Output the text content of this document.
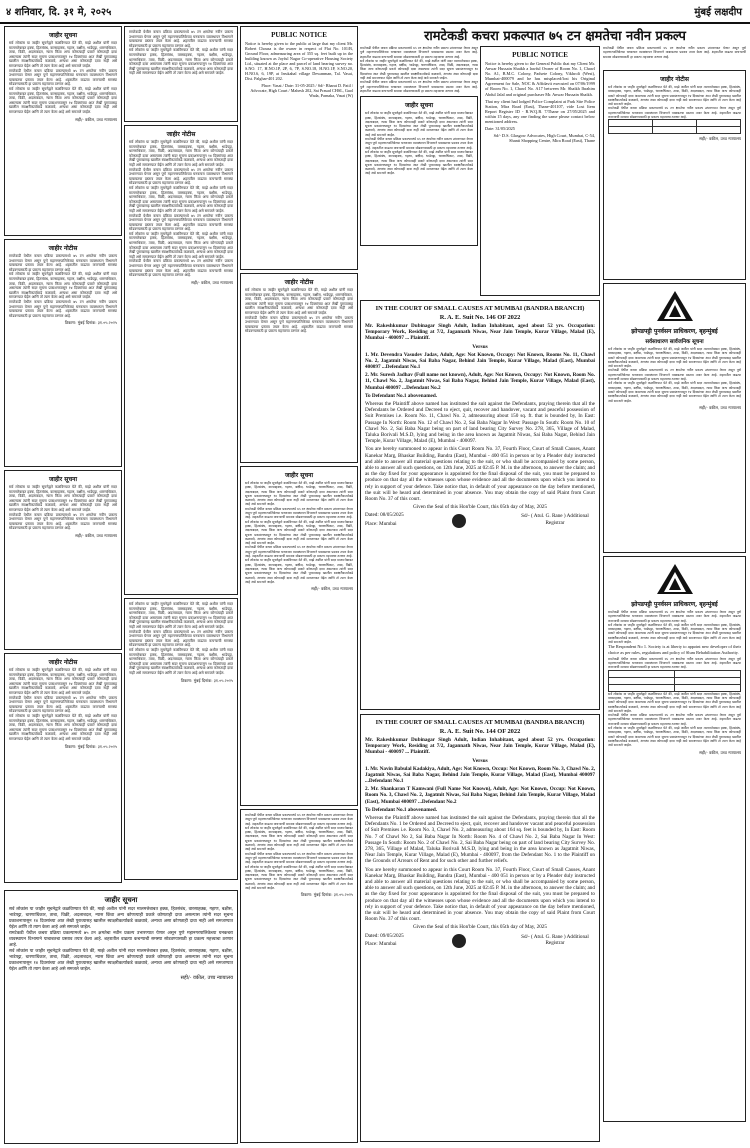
४ शनिवार, दि. ३१ मे, २०२५	मुंबई लक्षदीप
जाहीर सूचना
सर्व लोकांस या जाहीर सूचनेद्वारे कळविण्यात येते की, माझे अशील यांनी सदर मालमत्तेबाबत हक्क, हितसंबंध, वारसाहक्क, गहाण, बक्षीस, भाडेपट्टा, धारणाधिकार, ताबा, विक्री, अदलाबदल, न्यास किंवा अन्य कोणत्याही प्रकारे कोणताही दावा असल्यास त्यांनी सदर सूचना प्रकाशनापासून १४ दिवसांच्या आत लेखी पुराव्यासह खालील स्वाक्षरीकर्त्याकडे कळवावे, अन्यथा असा कोणताही दावा नाही असे समजण्यात येईल आणि तो त्याग केला आहे असे समजले जाईल.
रामटेकडी येथील कचरा प्रक्रिया प्रकल्पामध्ये ७५ टन क्षमतेचा नवीन प्रकल्प उभारण्यात येणार असून पुणे महानगरपालिकेच्या घनकचरा व्यवस्थापन विभागाने याबाबतचा प्रस्ताव तयार केला आहे. शहरातील वाढत्या कचऱ्याची समस्या सोडवण्यासाठी हा प्रकल्प महत्त्वाचा ठरणार आहे.
सर्व लोकांस या जाहीर सूचनेद्वारे कळविण्यात येते की, माझे अशील यांनी सदर मालमत्तेबाबत हक्क, हितसंबंध, वारसाहक्क, गहाण, बक्षीस, भाडेपट्टा, धारणाधिकार, ताबा, विक्री, अदलाबदल, न्यास किंवा अन्य कोणत्याही प्रकारे कोणताही दावा असल्यास त्यांनी सदर सूचना प्रकाशनापासून १४ दिवसांच्या आत लेखी पुराव्यासह खालील स्वाक्षरीकर्त्याकडे कळवावे, अन्यथा असा कोणताही दावा नाही असे समजण्यात येईल आणि तो त्याग केला आहे असे समजले जाईल.
सही/- वकील, उच्च न्यायालय
जाहीर नोटीस
रामटेकडी येथील कचरा प्रक्रिया प्रकल्पामध्ये ७५ टन क्षमतेचा नवीन प्रकल्प उभारण्यात येणार असून पुणे महानगरपालिकेच्या घनकचरा व्यवस्थापन विभागाने याबाबतचा प्रस्ताव तयार केला आहे. शहरातील वाढत्या कचऱ्याची समस्या सोडवण्यासाठी हा प्रकल्प महत्त्वाचा ठरणार आहे.
सर्व लोकांस या जाहीर सूचनेद्वारे कळविण्यात येते की, माझे अशील यांनी सदर मालमत्तेबाबत हक्क, हितसंबंध, वारसाहक्क, गहाण, बक्षीस, भाडेपट्टा, धारणाधिकार, ताबा, विक्री, अदलाबदल, न्यास किंवा अन्य कोणत्याही प्रकारे कोणताही दावा असल्यास त्यांनी सदर सूचना प्रकाशनापासून १४ दिवसांच्या आत लेखी पुराव्यासह खालील स्वाक्षरीकर्त्याकडे कळवावे, अन्यथा असा कोणताही दावा नाही असे समजण्यात येईल आणि तो त्याग केला आहे असे समजले जाईल.
रामटेकडी येथील कचरा प्रक्रिया प्रकल्पामध्ये ७५ टन क्षमतेचा नवीन प्रकल्प उभारण्यात येणार असून पुणे महानगरपालिकेच्या घनकचरा व्यवस्थापन विभागाने याबाबतचा प्रस्ताव तयार केला आहे. शहरातील वाढत्या कचऱ्याची समस्या सोडवण्यासाठी हा प्रकल्प महत्त्वाचा ठरणार आहे.
ठिकाण: मुंबई दिनांक: ३१.०५.२०२५
जाहीर सूचना
सर्व लोकांस या जाहीर सूचनेद्वारे कळविण्यात येते की, माझे अशील यांनी सदर मालमत्तेबाबत हक्क, हितसंबंध, वारसाहक्क, गहाण, बक्षीस, भाडेपट्टा, धारणाधिकार, ताबा, विक्री, अदलाबदल, न्यास किंवा अन्य कोणत्याही प्रकारे कोणताही दावा असल्यास त्यांनी सदर सूचना प्रकाशनापासून १४ दिवसांच्या आत लेखी पुराव्यासह खालील स्वाक्षरीकर्त्याकडे कळवावे, अन्यथा असा कोणताही दावा नाही असे समजण्यात येईल आणि तो त्याग केला आहे असे समजले जाईल.
रामटेकडी येथील कचरा प्रक्रिया प्रकल्पामध्ये ७५ टन क्षमतेचा नवीन प्रकल्प उभारण्यात येणार असून पुणे महानगरपालिकेच्या घनकचरा व्यवस्थापन विभागाने याबाबतचा प्रस्ताव तयार केला आहे. शहरातील वाढत्या कचऱ्याची समस्या सोडवण्यासाठी हा प्रकल्प महत्त्वाचा ठरणार आहे.
सही/- वकील, उच्च न्यायालय
जाहीर नोटीस
सर्व लोकांस या जाहीर सूचनेद्वारे कळविण्यात येते की, माझे अशील यांनी सदर मालमत्तेबाबत हक्क, हितसंबंध, वारसाहक्क, गहाण, बक्षीस, भाडेपट्टा, धारणाधिकार, ताबा, विक्री, अदलाबदल, न्यास किंवा अन्य कोणत्याही प्रकारे कोणताही दावा असल्यास त्यांनी सदर सूचना प्रकाशनापासून १४ दिवसांच्या आत लेखी पुराव्यासह खालील स्वाक्षरीकर्त्याकडे कळवावे, अन्यथा असा कोणताही दावा नाही असे समजण्यात येईल आणि तो त्याग केला आहे असे समजले जाईल.
रामटेकडी येथील कचरा प्रक्रिया प्रकल्पामध्ये ७५ टन क्षमतेचा नवीन प्रकल्प उभारण्यात येणार असून पुणे महानगरपालिकेच्या घनकचरा व्यवस्थापन विभागाने याबाबतचा प्रस्ताव तयार केला आहे. शहरातील वाढत्या कचऱ्याची समस्या सोडवण्यासाठी हा प्रकल्प महत्त्वाचा ठरणार आहे.
सर्व लोकांस या जाहीर सूचनेद्वारे कळविण्यात येते की, माझे अशील यांनी सदर मालमत्तेबाबत हक्क, हितसंबंध, वारसाहक्क, गहाण, बक्षीस, भाडेपट्टा, धारणाधिकार, ताबा, विक्री, अदलाबदल, न्यास किंवा अन्य कोणत्याही प्रकारे कोणताही दावा असल्यास त्यांनी सदर सूचना प्रकाशनापासून १४ दिवसांच्या आत लेखी पुराव्यासह खालील स्वाक्षरीकर्त्याकडे कळवावे, अन्यथा असा कोणताही दावा नाही असे समजण्यात येईल आणि तो त्याग केला आहे असे समजले जाईल.
ठिकाण: मुंबई दिनांक: ३१.०५.२०२५
जाहीर सूचना
सर्व लोकांस या जाहीर सूचनेद्वारे कळविण्यात येते की, माझे अशील यांनी सदर मालमत्तेबाबत हक्क, हितसंबंध, वारसाहक्क, गहाण, बक्षीस, भाडेपट्टा, धारणाधिकार, ताबा, विक्री, अदलाबदल, न्यास किंवा अन्य कोणत्याही प्रकारे कोणताही दावा असल्यास त्यांनी सदर सूचना प्रकाशनापासून १४ दिवसांच्या आत लेखी पुराव्यासह खालील स्वाक्षरीकर्त्याकडे कळवावे, अन्यथा असा कोणताही दावा नाही असे समजण्यात येईल आणि तो त्याग केला आहे असे समजले जाईल.
रामटेकडी येथील कचरा प्रक्रिया प्रकल्पामध्ये ७५ टन क्षमतेचा नवीन प्रकल्प उभारण्यात येणार असून पुणे महानगरपालिकेच्या घनकचरा व्यवस्थापन विभागाने याबाबतचा प्रस्ताव तयार केला आहे. शहरातील वाढत्या कचऱ्याची समस्या सोडवण्यासाठी हा प्रकल्प महत्त्वाचा ठरणार आहे.
सर्व लोकांस या जाहीर सूचनेद्वारे कळविण्यात येते की, माझे अशील यांनी सदर मालमत्तेबाबत हक्क, हितसंबंध, वारसाहक्क, गहाण, बक्षीस, भाडेपट्टा, धारणाधिकार, ताबा, विक्री, अदलाबदल, न्यास किंवा अन्य कोणत्याही प्रकारे कोणताही दावा असल्यास त्यांनी सदर सूचना प्रकाशनापासून १४ दिवसांच्या आत लेखी पुराव्यासह खालील स्वाक्षरीकर्त्याकडे कळवावे, अन्यथा असा कोणताही दावा नाही असे समजण्यात येईल आणि तो त्याग केला आहे असे समजले जाईल.
सही/- वकील, उच्च न्यायालय
रामटेकडी येथील कचरा प्रक्रिया प्रकल्पामध्ये ७५ टन क्षमतेचा नवीन प्रकल्प उभारण्यात येणार असून पुणे महानगरपालिकेच्या घनकचरा व्यवस्थापन विभागाने याबाबतचा प्रस्ताव तयार केला आहे. शहरातील वाढत्या कचऱ्याची समस्या सोडवण्यासाठी हा प्रकल्प महत्त्वाचा ठरणार आहे.
सर्व लोकांस या जाहीर सूचनेद्वारे कळविण्यात येते की, माझे अशील यांनी सदर मालमत्तेबाबत हक्क, हितसंबंध, वारसाहक्क, गहाण, बक्षीस, भाडेपट्टा, धारणाधिकार, ताबा, विक्री, अदलाबदल, न्यास किंवा अन्य कोणत्याही प्रकारे कोणताही दावा असल्यास त्यांनी सदर सूचना प्रकाशनापासून १४ दिवसांच्या आत लेखी पुराव्यासह खालील स्वाक्षरीकर्त्याकडे कळवावे, अन्यथा असा कोणताही दावा नाही असे समजण्यात येईल आणि तो त्याग केला आहे असे समजले जाईल.
जाहीर नोटीस
सर्व लोकांस या जाहीर सूचनेद्वारे कळविण्यात येते की, माझे अशील यांनी सदर मालमत्तेबाबत हक्क, हितसंबंध, वारसाहक्क, गहाण, बक्षीस, भाडेपट्टा, धारणाधिकार, ताबा, विक्री, अदलाबदल, न्यास किंवा अन्य कोणत्याही प्रकारे कोणताही दावा असल्यास त्यांनी सदर सूचना प्रकाशनापासून १४ दिवसांच्या आत लेखी पुराव्यासह खालील स्वाक्षरीकर्त्याकडे कळवावे, अन्यथा असा कोणताही दावा नाही असे समजण्यात येईल आणि तो त्याग केला आहे असे समजले जाईल.
रामटेकडी येथील कचरा प्रक्रिया प्रकल्पामध्ये ७५ टन क्षमतेचा नवीन प्रकल्प उभारण्यात येणार असून पुणे महानगरपालिकेच्या घनकचरा व्यवस्थापन विभागाने याबाबतचा प्रस्ताव तयार केला आहे. शहरातील वाढत्या कचऱ्याची समस्या सोडवण्यासाठी हा प्रकल्प महत्त्वाचा ठरणार आहे.
सर्व लोकांस या जाहीर सूचनेद्वारे कळविण्यात येते की, माझे अशील यांनी सदर मालमत्तेबाबत हक्क, हितसंबंध, वारसाहक्क, गहाण, बक्षीस, भाडेपट्टा, धारणाधिकार, ताबा, विक्री, अदलाबदल, न्यास किंवा अन्य कोणत्याही प्रकारे कोणताही दावा असल्यास त्यांनी सदर सूचना प्रकाशनापासून १४ दिवसांच्या आत लेखी पुराव्यासह खालील स्वाक्षरीकर्त्याकडे कळवावे, अन्यथा असा कोणताही दावा नाही असे समजण्यात येईल आणि तो त्याग केला आहे असे समजले जाईल.
रामटेकडी येथील कचरा प्रक्रिया प्रकल्पामध्ये ७५ टन क्षमतेचा नवीन प्रकल्प उभारण्यात येणार असून पुणे महानगरपालिकेच्या घनकचरा व्यवस्थापन विभागाने याबाबतचा प्रस्ताव तयार केला आहे. शहरातील वाढत्या कचऱ्याची समस्या सोडवण्यासाठी हा प्रकल्प महत्त्वाचा ठरणार आहे.
सर्व लोकांस या जाहीर सूचनेद्वारे कळविण्यात येते की, माझे अशील यांनी सदर मालमत्तेबाबत हक्क, हितसंबंध, वारसाहक्क, गहाण, बक्षीस, भाडेपट्टा, धारणाधिकार, ताबा, विक्री, अदलाबदल, न्यास किंवा अन्य कोणत्याही प्रकारे कोणताही दावा असल्यास त्यांनी सदर सूचना प्रकाशनापासून १४ दिवसांच्या आत लेखी पुराव्यासह खालील स्वाक्षरीकर्त्याकडे कळवावे, अन्यथा असा कोणताही दावा नाही असे समजण्यात येईल आणि तो त्याग केला आहे असे समजले जाईल.
रामटेकडी येथील कचरा प्रक्रिया प्रकल्पामध्ये ७५ टन क्षमतेचा नवीन प्रकल्प उभारण्यात येणार असून पुणे महानगरपालिकेच्या घनकचरा व्यवस्थापन विभागाने याबाबतचा प्रस्ताव तयार केला आहे. शहरातील वाढत्या कचऱ्याची समस्या सोडवण्यासाठी हा प्रकल्प महत्त्वाचा ठरणार आहे.
सही/- वकील, उच्च न्यायालय
सर्व लोकांस या जाहीर सूचनेद्वारे कळविण्यात येते की, माझे अशील यांनी सदर मालमत्तेबाबत हक्क, हितसंबंध, वारसाहक्क, गहाण, बक्षीस, भाडेपट्टा, धारणाधिकार, ताबा, विक्री, अदलाबदल, न्यास किंवा अन्य कोणत्याही प्रकारे कोणताही दावा असल्यास त्यांनी सदर सूचना प्रकाशनापासून १४ दिवसांच्या आत लेखी पुराव्यासह खालील स्वाक्षरीकर्त्याकडे कळवावे, अन्यथा असा कोणताही दावा नाही असे समजण्यात येईल आणि तो त्याग केला आहे असे समजले जाईल.
रामटेकडी येथील कचरा प्रक्रिया प्रकल्पामध्ये ७५ टन क्षमतेचा नवीन प्रकल्प उभारण्यात येणार असून पुणे महानगरपालिकेच्या घनकचरा व्यवस्थापन विभागाने याबाबतचा प्रस्ताव तयार केला आहे. शहरातील वाढत्या कचऱ्याची समस्या सोडवण्यासाठी हा प्रकल्प महत्त्वाचा ठरणार आहे.
सर्व लोकांस या जाहीर सूचनेद्वारे कळविण्यात येते की, माझे अशील यांनी सदर मालमत्तेबाबत हक्क, हितसंबंध, वारसाहक्क, गहाण, बक्षीस, भाडेपट्टा, धारणाधिकार, ताबा, विक्री, अदलाबदल, न्यास किंवा अन्य कोणत्याही प्रकारे कोणताही दावा असल्यास त्यांनी सदर सूचना प्रकाशनापासून १४ दिवसांच्या आत लेखी पुराव्यासह खालील स्वाक्षरीकर्त्याकडे कळवावे, अन्यथा असा कोणताही दावा नाही असे समजण्यात येईल आणि तो त्याग केला आहे असे समजले जाईल.
ठिकाण: मुंबई दिनांक: ३१.०५.२०२५
PUBLIC NOTICE
Notice is hereby given to the public at large that my client Mr. Robert Chousa is the owner in respect of Flat No. 101/B, Ground Floor, admeasuring area of 355 sq. feet built up in the building known as Joyful Nagar Co-operative Housing Society Ltd., situated at the place and parcel of land bearing survey no. S.NO. 17, H.NO.1P, 2P, 6, 7P, S.NO.18, H.NO.1P, S.NO.20, H.NO.6, 6, 19P, at Irrukahal village Dewanman, Tal. Vasai, Dist. Palghar-401 202.
Place: Vasai / Date: 31-05-2025 / Sd/- Bharat D. Patil / Advocate, High Court / Mahesh 202, Sai Prasad CHSL, Gaol Wada, Parnaka, Vasai (W)
जाहीर नोटीस
सर्व लोकांस या जाहीर सूचनेद्वारे कळविण्यात येते की, माझे अशील यांनी सदर मालमत्तेबाबत हक्क, हितसंबंध, वारसाहक्क, गहाण, बक्षीस, भाडेपट्टा, धारणाधिकार, ताबा, विक्री, अदलाबदल, न्यास किंवा अन्य कोणत्याही प्रकारे कोणताही दावा असल्यास त्यांनी सदर सूचना प्रकाशनापासून १४ दिवसांच्या आत लेखी पुराव्यासह खालील स्वाक्षरीकर्त्याकडे कळवावे, अन्यथा असा कोणताही दावा नाही असे समजण्यात येईल आणि तो त्याग केला आहे असे समजले जाईल.
रामटेकडी येथील कचरा प्रक्रिया प्रकल्पामध्ये ७५ टन क्षमतेचा नवीन प्रकल्प उभारण्यात येणार असून पुणे महानगरपालिकेच्या घनकचरा व्यवस्थापन विभागाने याबाबतचा प्रस्ताव तयार केला आहे. शहरातील वाढत्या कचऱ्याची समस्या सोडवण्यासाठी हा प्रकल्प महत्त्वाचा ठरणार आहे.
जाहीर सूचना
सर्व लोकांस या जाहीर सूचनेद्वारे कळविण्यात येते की, माझे अशील यांनी सदर मालमत्तेबाबत हक्क, हितसंबंध, वारसाहक्क, गहाण, बक्षीस, भाडेपट्टा, धारणाधिकार, ताबा, विक्री, अदलाबदल, न्यास किंवा अन्य कोणत्याही प्रकारे कोणताही दावा असल्यास त्यांनी सदर सूचना प्रकाशनापासून १४ दिवसांच्या आत लेखी पुराव्यासह खालील स्वाक्षरीकर्त्याकडे कळवावे, अन्यथा असा कोणताही दावा नाही असे समजण्यात येईल आणि तो त्याग केला आहे असे समजले जाईल.
रामटेकडी येथील कचरा प्रक्रिया प्रकल्पामध्ये ७५ टन क्षमतेचा नवीन प्रकल्प उभारण्यात येणार असून पुणे महानगरपालिकेच्या घनकचरा व्यवस्थापन विभागाने याबाबतचा प्रस्ताव तयार केला आहे. शहरातील वाढत्या कचऱ्याची समस्या सोडवण्यासाठी हा प्रकल्प महत्त्वाचा ठरणार आहे.
सर्व लोकांस या जाहीर सूचनेद्वारे कळविण्यात येते की, माझे अशील यांनी सदर मालमत्तेबाबत हक्क, हितसंबंध, वारसाहक्क, गहाण, बक्षीस, भाडेपट्टा, धारणाधिकार, ताबा, विक्री, अदलाबदल, न्यास किंवा अन्य कोणत्याही प्रकारे कोणताही दावा असल्यास त्यांनी सदर सूचना प्रकाशनापासून १४ दिवसांच्या आत लेखी पुराव्यासह खालील स्वाक्षरीकर्त्याकडे कळवावे, अन्यथा असा कोणताही दावा नाही असे समजण्यात येईल आणि तो त्याग केला आहे असे समजले जाईल.
रामटेकडी येथील कचरा प्रक्रिया प्रकल्पामध्ये ७५ टन क्षमतेचा नवीन प्रकल्प उभारण्यात येणार असून पुणे महानगरपालिकेच्या घनकचरा व्यवस्थापन विभागाने याबाबतचा प्रस्ताव तयार केला आहे. शहरातील वाढत्या कचऱ्याची समस्या सोडवण्यासाठी हा प्रकल्प महत्त्वाचा ठरणार आहे.
सर्व लोकांस या जाहीर सूचनेद्वारे कळविण्यात येते की, माझे अशील यांनी सदर मालमत्तेबाबत हक्क, हितसंबंध, वारसाहक्क, गहाण, बक्षीस, भाडेपट्टा, धारणाधिकार, ताबा, विक्री, अदलाबदल, न्यास किंवा अन्य कोणत्याही प्रकारे कोणताही दावा असल्यास त्यांनी सदर सूचना प्रकाशनापासून १४ दिवसांच्या आत लेखी पुराव्यासह खालील स्वाक्षरीकर्त्याकडे कळवावे, अन्यथा असा कोणताही दावा नाही असे समजण्यात येईल आणि तो त्याग केला आहे असे समजले जाईल.
सही/- वकील, उच्च न्यायालय
रामटेकडी येथील कचरा प्रक्रिया प्रकल्पामध्ये ७५ टन क्षमतेचा नवीन प्रकल्प उभारण्यात येणार असून पुणे महानगरपालिकेच्या घनकचरा व्यवस्थापन विभागाने याबाबतचा प्रस्ताव तयार केला आहे. शहरातील वाढत्या कचऱ्याची समस्या सोडवण्यासाठी हा प्रकल्प महत्त्वाचा ठरणार आहे.
सर्व लोकांस या जाहीर सूचनेद्वारे कळविण्यात येते की, माझे अशील यांनी सदर मालमत्तेबाबत हक्क, हितसंबंध, वारसाहक्क, गहाण, बक्षीस, भाडेपट्टा, धारणाधिकार, ताबा, विक्री, अदलाबदल, न्यास किंवा अन्य कोणत्याही प्रकारे कोणताही दावा असल्यास त्यांनी सदर सूचना प्रकाशनापासून १४ दिवसांच्या आत लेखी पुराव्यासह खालील स्वाक्षरीकर्त्याकडे कळवावे, अन्यथा असा कोणताही दावा नाही असे समजण्यात येईल आणि तो त्याग केला आहे असे समजले जाईल.
रामटेकडी येथील कचरा प्रक्रिया प्रकल्पामध्ये ७५ टन क्षमतेचा नवीन प्रकल्प उभारण्यात येणार असून पुणे महानगरपालिकेच्या घनकचरा व्यवस्थापन विभागाने याबाबतचा प्रस्ताव तयार केला आहे. शहरातील वाढत्या कचऱ्याची समस्या सोडवण्यासाठी हा प्रकल्प महत्त्वाचा ठरणार आहे.
सर्व लोकांस या जाहीर सूचनेद्वारे कळविण्यात येते की, माझे अशील यांनी सदर मालमत्तेबाबत हक्क, हितसंबंध, वारसाहक्क, गहाण, बक्षीस, भाडेपट्टा, धारणाधिकार, ताबा, विक्री, अदलाबदल, न्यास किंवा अन्य कोणत्याही प्रकारे कोणताही दावा असल्यास त्यांनी सदर सूचना प्रकाशनापासून १४ दिवसांच्या आत लेखी पुराव्यासह खालील स्वाक्षरीकर्त्याकडे कळवावे, अन्यथा असा कोणताही दावा नाही असे समजण्यात येईल आणि तो त्याग केला आहे असे समजले जाईल.
ठिकाण: मुंबई दिनांक: ३१.०५.२०२५
रामटेकडी कचरा प्रकल्पात ७५ टन क्षमतेचा नवीन प्रकल्प
रामटेकडी येथील कचरा प्रक्रिया प्रकल्पामध्ये ७५ टन क्षमतेचा नवीन प्रकल्प उभारण्यात येणार असून पुणे महानगरपालिकेच्या घनकचरा व्यवस्थापन विभागाने याबाबतचा प्रस्ताव तयार केला आहे. शहरातील वाढत्या कचऱ्याची समस्या सोडवण्यासाठी हा प्रकल्प महत्त्वाचा ठरणार आहे.
सर्व लोकांस या जाहीर सूचनेद्वारे कळविण्यात येते की, माझे अशील यांनी सदर मालमत्तेबाबत हक्क, हितसंबंध, वारसाहक्क, गहाण, बक्षीस, भाडेपट्टा, धारणाधिकार, ताबा, विक्री, अदलाबदल, न्यास किंवा अन्य कोणत्याही प्रकारे कोणताही दावा असल्यास त्यांनी सदर सूचना प्रकाशनापासून १४ दिवसांच्या आत लेखी पुराव्यासह खालील स्वाक्षरीकर्त्याकडे कळवावे, अन्यथा असा कोणताही दावा नाही असे समजण्यात येईल आणि तो त्याग केला आहे असे समजले जाईल.
रामटेकडी येथील कचरा प्रक्रिया प्रकल्पामध्ये ७५ टन क्षमतेचा नवीन प्रकल्प उभारण्यात येणार असून पुणे महानगरपालिकेच्या घनकचरा व्यवस्थापन विभागाने याबाबतचा प्रस्ताव तयार केला आहे. शहरातील वाढत्या कचऱ्याची समस्या सोडवण्यासाठी हा प्रकल्प महत्त्वाचा ठरणार आहे.
जाहीर सूचना
सर्व लोकांस या जाहीर सूचनेद्वारे कळविण्यात येते की, माझे अशील यांनी सदर मालमत्तेबाबत हक्क, हितसंबंध, वारसाहक्क, गहाण, बक्षीस, भाडेपट्टा, धारणाधिकार, ताबा, विक्री, अदलाबदल, न्यास किंवा अन्य कोणत्याही प्रकारे कोणताही दावा असल्यास त्यांनी सदर सूचना प्रकाशनापासून १४ दिवसांच्या आत लेखी पुराव्यासह खालील स्वाक्षरीकर्त्याकडे कळवावे, अन्यथा असा कोणताही दावा नाही असे समजण्यात येईल आणि तो त्याग केला आहे असे समजले जाईल.
रामटेकडी येथील कचरा प्रक्रिया प्रकल्पामध्ये ७५ टन क्षमतेचा नवीन प्रकल्प उभारण्यात येणार असून पुणे महानगरपालिकेच्या घनकचरा व्यवस्थापन विभागाने याबाबतचा प्रस्ताव तयार केला आहे. शहरातील वाढत्या कचऱ्याची समस्या सोडवण्यासाठी हा प्रकल्प महत्त्वाचा ठरणार आहे.
सर्व लोकांस या जाहीर सूचनेद्वारे कळविण्यात येते की, माझे अशील यांनी सदर मालमत्तेबाबत हक्क, हितसंबंध, वारसाहक्क, गहाण, बक्षीस, भाडेपट्टा, धारणाधिकार, ताबा, विक्री, अदलाबदल, न्यास किंवा अन्य कोणत्याही प्रकारे कोणताही दावा असल्यास त्यांनी सदर सूचना प्रकाशनापासून १४ दिवसांच्या आत लेखी पुराव्यासह खालील स्वाक्षरीकर्त्याकडे कळवावे, अन्यथा असा कोणताही दावा नाही असे समजण्यात येईल आणि तो त्याग केला आहे असे समजले जाईल.
PUBLIC NOTICE
Notice is hereby given to the General Public that my Client Mr. Anwar Hussain Shaikh a lawful Owner of Room No. 1, Chawl No. A1, B.M.C. Colony, Padsete Colony, Vikhroli (West), Mumbai-400079 and he has misplaced/lost his Original Agreement for Sale, NOC & Affidavit executed on 07/06/1999 of Room No. 1, Chawl No. A17 between Mr. Shaikh Ibrahim Abdul Jalal and original purchaser Mr. Anwar Hussain Shaikh.
That my client had lodged Police Complaint at Park Site Police Station, Mira Road (East), Thane-401107, vide Lost Item Report Register ID - R.W.Q.B. 7/Thane on 27/05/2025 and within 15 days, any one finding the same please contact below mentioned address.
Date: 31/05/2025
Sd/- D.S. Glasgow Advocates, High Court, Mumbai, C-54, Shanti Shopping Centre, Mira Road (East), Thane
IN THE COURT OF SMALL CAUSES AT MUMBAI (BANDRA BRANCH)
R. A. E. Suit No. 146 OF 2022
Mr. Rakeshkumar Dubinagar Singh Adult, Indian Inhabitant, aged about 52 yrs. Occupation: Temporary Work, Residing at 7/2, Jagannath Niwas, Near Jain Temple, Kurar Village, Malad (E), Mumbai - 400097 ... Plaintiff.
Versus
1. Mr. Devendra Vasudev Jadav, Adult, Age: Not Known, Occupy: Not Known, Rooms No. 11, Chawl No. 2, Jagatmit Niwas, Sai Baba Nagar, Behind Jain Temple, Kurar Village, Malad (East), Mumbai 400097 ...Defendant No.1
2. Mr. Suresh Jadhav (Full name not known), Adult, Age: Not Known, Occupy: Not Known, Room No. 11, Chawl No. 2, Jagatmit Niwas, Sai Baba Nagar, Behind Jain Temple, Kurar Village, Malad (East), Mumbai 400097 ...Defendant No.2
To Defendant No.1 abovenamed.
Whereas the Plaintiff above named has instituted the suit against the Defendants, praying therein that all the Defendants be Ordered and Decreed to eject, quit, recover and handover, vacant and peaceful possession of Suit Premises i.e. Room No. 11, Chawl No. 2, admeasuring about 150 sq. ft. that is bounded by, In East: Passage In North: Room No. 12 of Chawl No. 2, Sai Baba Nagar In West: Passage In South: Room No. 10 of Chawl No. 2, Sai Baba Nagar being on part of land bearing City Survey No. 278, 365, Village of Malad, Taluka Borivali M.S.D, lying and being in the area known as Jagatmit Niwas, Sai Baba Nagar, Behind Jain Temple, Kurar Village, Malad (E), Mumbai - 400097.
You are hereby summoned to appear in this Court Room No. 37, Fourth Floor, Court of Small Causes, Anant Kanekar Marg, Bhaskar Building, Bandra (East), Mumbai - 400 051 in person or by a Pleader duly instructed and able to answer all material questions relating to the suit, or who shall be accompanied by some person, able to answer all such questions, on 12th June, 2025 at 02:45 P. M. in the afternoon, to answer the claim; and as the day fixed for your appearance is appointed for the final disposal of the suit, you must be prepared to produce on that day all the witnesses upon whose evidence and all the documents upon which you intend to rely in support of your defence. Take notice that, in default of your appearance on the day before mentioned, the suit will be heard and determined in your absence. You may obtain the copy of said Plaint from Court Room No. 37 of this court.
Given the Seal of this Hon'ble Court, this 05th day of May, 2025
Dated: 08/05/2025
Place: Mumbai
Sd/- ( Atul. G. Rane ) Additional Registrar
IN THE COURT OF SMALL CAUSES AT MUMBAI (BANDRA BRANCH)
R. A. E. Suit No. 144 OF 2022
Mr. Rakeshkumar Dubinagar Singh Adult, Indian Inhabitant, aged about 52 yrs. Occupation: Temporary Work, Residing at 7/2, Jagannath Niwas, Near Jain Temple, Kurar Village, Malad (E), Mumbai - 400097 ... Plaintiff.
Versus
1. Mr. Navin Babulal Kadakiya, Adult, Age: Not Known, Occup: Not Known, Room No. 3, Chawl No. 2, Jagatmit Niwas, Sai Baba Nagar, Behind Jain Temple, Kurar Village, Malad (East), Mumbai 400097 ...Defendant No.1
2. Mr. Shankaran T Kamwani (Full Name Not Known), Adult, Age: Not Known, Occup: Not Known, Room No. 3, Chawl No. 2, Jagatmit Niwas, Sai Baba Nagar, Behind Jain Temple, Kurar Village, Malad (East), Mumbai 400097 ...Defendant No.2
To Defendant No.1 abovenamed.
Whereas the Plaintiff above named has instituted the suit against the Defendants, praying therein that all the Defendants No. 1 be Ordered and Decreed to eject, quit, recover and handover vacant and peaceful possession of Suit Premises i.e. Room No. 3, Chawl No. 2, admeasuring about 164 sq. feet is bounded by, In East: Room No. 7 of Chawl No 2, Sai Baba Nagar In North: Room No. 4 of Chawl No. 2, Sai Baba Nagar In West: Passage In South: Room No. 2 of Chawl No. 2, Sai Baba Nagar being on part of land bearing City Survey No. 278, 365, Village of Malad, Taluka Borivali M.S.D, lying and being in the area known as Jagatmit Niwas, Near Jain Temple, Kurar Village, Malad (E), Mumbai - 400097, from the Defendant No. 1 to the Plaintiff on the Grounds of Arrears of Rent and for such other and further reliefs.
You are hereby summoned to appear in this Court Room No. 37, Fourth Floor, Court of Small Causes, Anant Kanekar Marg, Bhaskar Building, Bandra (East), Mumbai - 400 051 in person or by a Pleader duly instructed and able to answer all material questions relating to the suit, or who shall be accompanied by some person, able to answer all such questions, on 12th June, 2025 at 02:45 P. M. in the afternoon, to answer the claim; and as the day fixed for your appearance is appointed for the final disposal of the suit, you must be prepared to produce on that day all the witnesses upon whose evidence and all the documents upon which you intend to rely in support of your defence. Take notice that, in default of your appearance on the day before mentioned, the suit will be heard and determined in your absence. You may obtain the copy of said Plaint from Court Room No. 37 of this court.
Given the Seal of this Hon'ble Court, this 05th day of May, 2025
Dated: 09/05/2025
Place: Mumbai
Sd/- ( Atul. G. Rane ) Additional Registrar
रामटेकडी येथील कचरा प्रक्रिया प्रकल्पामध्ये ७५ टन क्षमतेचा नवीन प्रकल्प उभारण्यात येणार असून पुणे महानगरपालिकेच्या घनकचरा व्यवस्थापन विभागाने याबाबतचा प्रस्ताव तयार केला आहे. शहरातील वाढत्या कचऱ्याची समस्या सोडवण्यासाठी हा प्रकल्प महत्त्वाचा ठरणार आहे.
जाहीर नोटीस
सर्व लोकांस या जाहीर सूचनेद्वारे कळविण्यात येते की, माझे अशील यांनी सदर मालमत्तेबाबत हक्क, हितसंबंध, वारसाहक्क, गहाण, बक्षीस, भाडेपट्टा, धारणाधिकार, ताबा, विक्री, अदलाबदल, न्यास किंवा अन्य कोणत्याही प्रकारे कोणताही दावा असल्यास त्यांनी सदर सूचना प्रकाशनापासून १४ दिवसांच्या आत लेखी पुराव्यासह खालील स्वाक्षरीकर्त्याकडे कळवावे, अन्यथा असा कोणताही दावा नाही असे समजण्यात येईल आणि तो त्याग केला आहे असे समजले जाईल.
रामटेकडी येथील कचरा प्रक्रिया प्रकल्पामध्ये ७५ टन क्षमतेचा नवीन प्रकल्प उभारण्यात येणार असून पुणे महानगरपालिकेच्या घनकचरा व्यवस्थापन विभागाने याबाबतचा प्रस्ताव तयार केला आहे. शहरातील वाढत्या कचऱ्याची समस्या सोडवण्यासाठी हा प्रकल्प महत्त्वाचा ठरणार आहे.

सही/- वकील, उच्च न्यायालय
झोपडपट्टी पुनर्वसन प्राधिकरण, बृहन्मुंबई
सर्वसाधारण सार्वजनिक सूचना
सर्व लोकांस या जाहीर सूचनेद्वारे कळविण्यात येते की, माझे अशील यांनी सदर मालमत्तेबाबत हक्क, हितसंबंध, वारसाहक्क, गहाण, बक्षीस, भाडेपट्टा, धारणाधिकार, ताबा, विक्री, अदलाबदल, न्यास किंवा अन्य कोणत्याही प्रकारे कोणताही दावा असल्यास त्यांनी सदर सूचना प्रकाशनापासून १४ दिवसांच्या आत लेखी पुराव्यासह खालील स्वाक्षरीकर्त्याकडे कळवावे, अन्यथा असा कोणताही दावा नाही असे समजण्यात येईल आणि तो त्याग केला आहे असे समजले जाईल.
रामटेकडी येथील कचरा प्रक्रिया प्रकल्पामध्ये ७५ टन क्षमतेचा नवीन प्रकल्प उभारण्यात येणार असून पुणे महानगरपालिकेच्या घनकचरा व्यवस्थापन विभागाने याबाबतचा प्रस्ताव तयार केला आहे. शहरातील वाढत्या कचऱ्याची समस्या सोडवण्यासाठी हा प्रकल्प महत्त्वाचा ठरणार आहे.
सर्व लोकांस या जाहीर सूचनेद्वारे कळविण्यात येते की, माझे अशील यांनी सदर मालमत्तेबाबत हक्क, हितसंबंध, वारसाहक्क, गहाण, बक्षीस, भाडेपट्टा, धारणाधिकार, ताबा, विक्री, अदलाबदल, न्यास किंवा अन्य कोणत्याही प्रकारे कोणताही दावा असल्यास त्यांनी सदर सूचना प्रकाशनापासून १४ दिवसांच्या आत लेखी पुराव्यासह खालील स्वाक्षरीकर्त्याकडे कळवावे, अन्यथा असा कोणताही दावा नाही असे समजण्यात येईल आणि तो त्याग केला आहे असे समजले जाईल.
सही/- वकील, उच्च न्यायालय
झोपडपट्टी पुनर्वसन प्राधिकरण, बृहन्मुंबई
रामटेकडी येथील कचरा प्रक्रिया प्रकल्पामध्ये ७५ टन क्षमतेचा नवीन प्रकल्प उभारण्यात येणार असून पुणे महानगरपालिकेच्या घनकचरा व्यवस्थापन विभागाने याबाबतचा प्रस्ताव तयार केला आहे. शहरातील वाढत्या कचऱ्याची समस्या सोडवण्यासाठी हा प्रकल्प महत्त्वाचा ठरणार आहे.
सर्व लोकांस या जाहीर सूचनेद्वारे कळविण्यात येते की, माझे अशील यांनी सदर मालमत्तेबाबत हक्क, हितसंबंध, वारसाहक्क, गहाण, बक्षीस, भाडेपट्टा, धारणाधिकार, ताबा, विक्री, अदलाबदल, न्यास किंवा अन्य कोणत्याही प्रकारे कोणताही दावा असल्यास त्यांनी सदर सूचना प्रकाशनापासून १४ दिवसांच्या आत लेखी पुराव्यासह खालील स्वाक्षरीकर्त्याकडे कळवावे, अन्यथा असा कोणताही दावा नाही असे समजण्यात येईल आणि तो त्याग केला आहे असे समजले जाईल.
The Respondent No 1. Society is at liberty to appoint new developer of their choice as per rules, regulations and policy of Slum Rehabilitation Authority.
रामटेकडी येथील कचरा प्रक्रिया प्रकल्पामध्ये ७५ टन क्षमतेचा नवीन प्रकल्प उभारण्यात येणार असून पुणे महानगरपालिकेच्या घनकचरा व्यवस्थापन विभागाने याबाबतचा प्रस्ताव तयार केला आहे. शहरातील वाढत्या कचऱ्याची समस्या सोडवण्यासाठी हा प्रकल्प महत्त्वाचा ठरणार आहे.

सर्व लोकांस या जाहीर सूचनेद्वारे कळविण्यात येते की, माझे अशील यांनी सदर मालमत्तेबाबत हक्क, हितसंबंध, वारसाहक्क, गहाण, बक्षीस, भाडेपट्टा, धारणाधिकार, ताबा, विक्री, अदलाबदल, न्यास किंवा अन्य कोणत्याही प्रकारे कोणताही दावा असल्यास त्यांनी सदर सूचना प्रकाशनापासून १४ दिवसांच्या आत लेखी पुराव्यासह खालील स्वाक्षरीकर्त्याकडे कळवावे, अन्यथा असा कोणताही दावा नाही असे समजण्यात येईल आणि तो त्याग केला आहे असे समजले जाईल.
रामटेकडी येथील कचरा प्रक्रिया प्रकल्पामध्ये ७५ टन क्षमतेचा नवीन प्रकल्प उभारण्यात येणार असून पुणे महानगरपालिकेच्या घनकचरा व्यवस्थापन विभागाने याबाबतचा प्रस्ताव तयार केला आहे. शहरातील वाढत्या कचऱ्याची समस्या सोडवण्यासाठी हा प्रकल्प महत्त्वाचा ठरणार आहे.
सर्व लोकांस या जाहीर सूचनेद्वारे कळविण्यात येते की, माझे अशील यांनी सदर मालमत्तेबाबत हक्क, हितसंबंध, वारसाहक्क, गहाण, बक्षीस, भाडेपट्टा, धारणाधिकार, ताबा, विक्री, अदलाबदल, न्यास किंवा अन्य कोणत्याही प्रकारे कोणताही दावा असल्यास त्यांनी सदर सूचना प्रकाशनापासून १४ दिवसांच्या आत लेखी पुराव्यासह खालील स्वाक्षरीकर्त्याकडे कळवावे, अन्यथा असा कोणताही दावा नाही असे समजण्यात येईल आणि तो त्याग केला आहे असे समजले जाईल.
सही/- वकील, उच्च न्यायालय
